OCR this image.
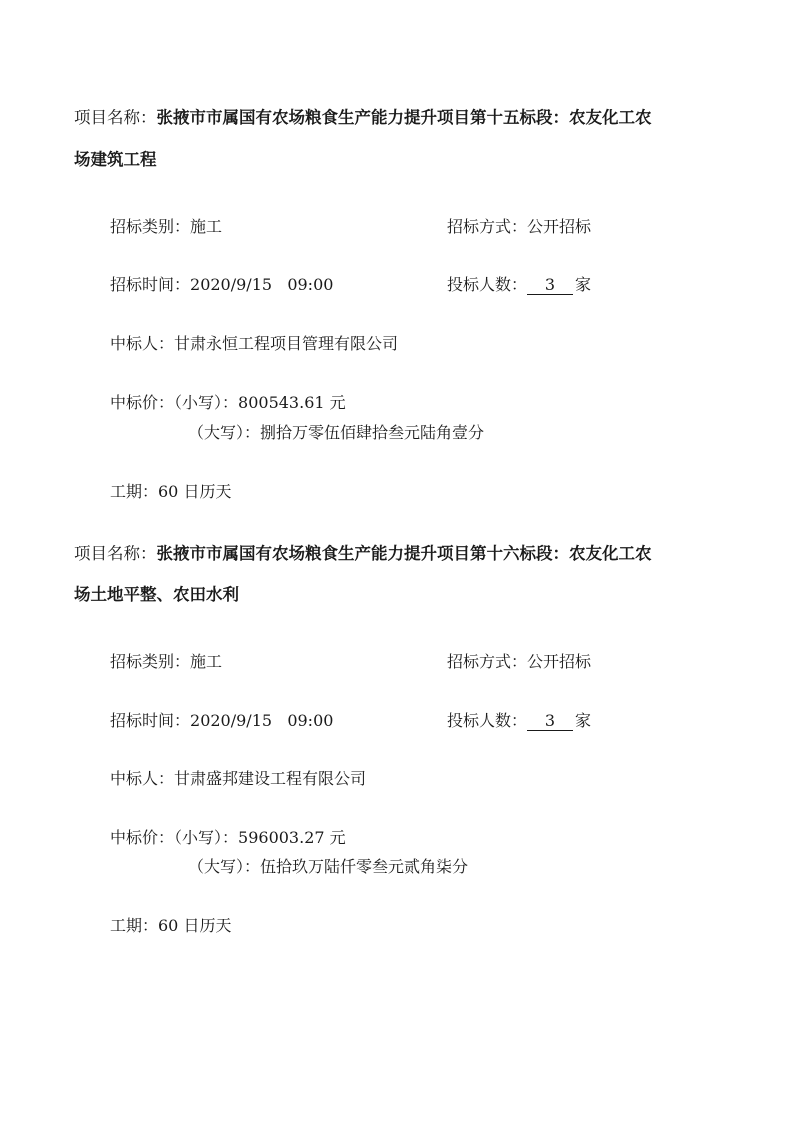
项目名称：张掖市市属国有农场粮食生产能力提升项目第十五标段：农友化工农
场建筑工程
招标类别：施工	招标方式：公开招标
招标时间：2020/9/15   09:00	投标人数： 3 家
中标人：甘肃永恒工程项目管理有限公司
中标价：（小写）：800543.61 元
（大写）：捌拾万零伍佰肆拾叁元陆角壹分
工期：60 日历天
项目名称：张掖市市属国有农场粮食生产能力提升项目第十六标段：农友化工农
场土地平整、农田水利
招标类别：施工	招标方式：公开招标
招标时间：2020/9/15   09:00	投标人数： 3 家
中标人：甘肃盛邦建设工程有限公司
中标价：（小写）：596003.27 元
（大写）：伍拾玖万陆仟零叁元贰角柒分
工期：60 日历天
